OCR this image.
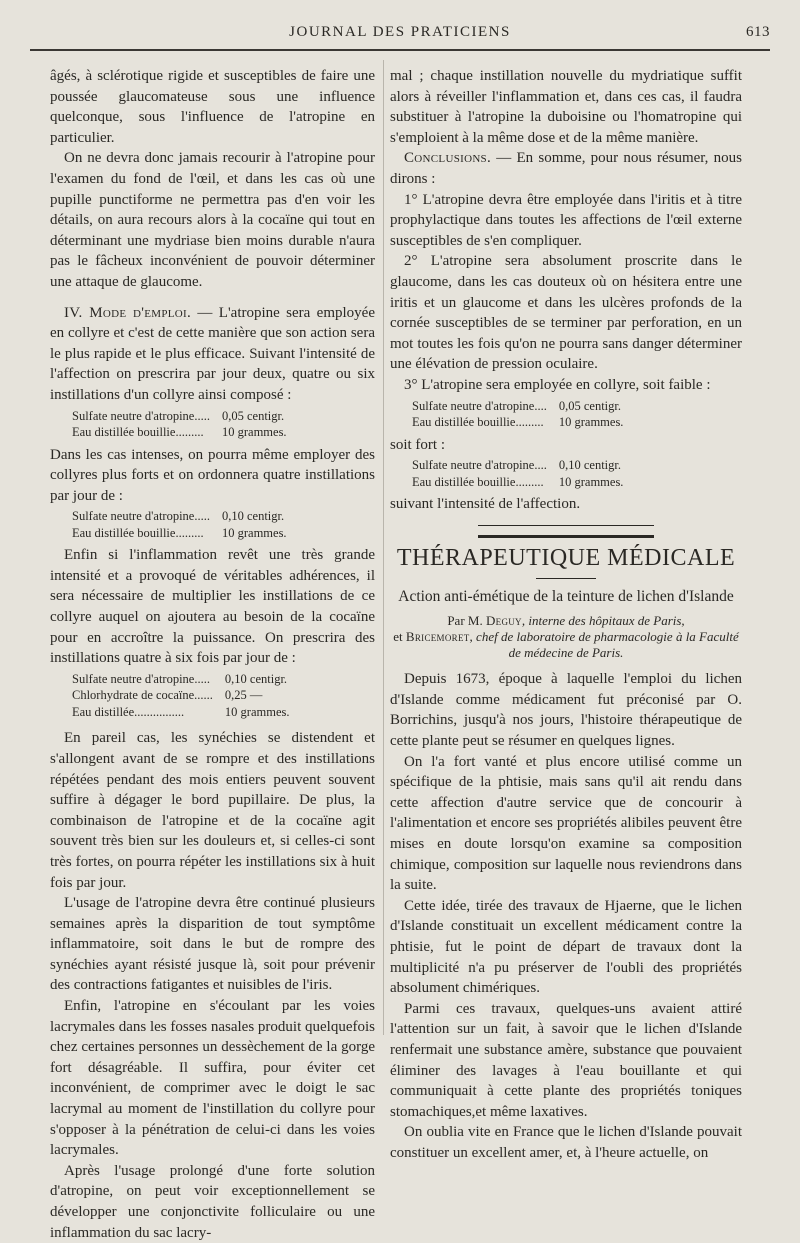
JOURNAL DES PRATICIENS	613

âgés, à sclérotique rigide et susceptibles de faire une poussée glaucomateuse sous une influence quelconque, sous l'influence de l'atropine en particulier.

On ne devra donc jamais recourir à l'atropine pour l'examen du fond de l'œil, et dans les cas où une pupille punctiforme ne permettra pas d'en voir les détails, on aura recours alors à la cocaïne qui tout en déterminant une mydriase bien moins durable n'aura pas le fâcheux inconvénient de pouvoir déterminer une attaque de glaucome.

IV. Mode d'emploi. — L'atropine sera employée en collyre et c'est de cette manière que son action sera le plus rapide et le plus efficace. Suivant l'intensité de l'affection on prescrira par jour deux, quatre ou six instillations d'un collyre ainsi composé :

Sulfate neutre d'atropine.....	0,05 centigr.
Eau distillée bouillie.........	10 grammes.

Dans les cas intenses, on pourra même employer des collyres plus forts et on ordonnera quatre instillations par jour de :

Sulfate neutre d'atropine.....	0,10 centigr.
Eau distillée bouillie.........	10 grammes.

Enfin si l'inflammation revêt une très grande intensité et a provoqué de véritables adhérences, il sera nécessaire de multiplier les instillations de ce collyre auquel on ajoutera au besoin de la cocaïne pour en accroître la puissance. On prescrira des instillations quatre à six fois par jour de :

Sulfate neutre d'atropine.....	0,10 centigr.
Chlorhydrate de cocaïne......	0,25 —
Eau distillée................	10 grammes.

En pareil cas, les synéchies se distendent et s'allongent avant de se rompre et des instillations répétées pendant des mois entiers peuvent souvent suffire à dégager le bord pupillaire. De plus, la combinaison de l'atropine et de la cocaïne agit souvent très bien sur les douleurs et, si celles-ci sont très fortes, on pourra répéter les instillations six à huit fois par jour.

L'usage de l'atropine devra être continué plusieurs semaines après la disparition de tout symptôme inflammatoire, soit dans le but de rompre des synéchies ayant résisté jusque là, soit pour prévenir des contractions fatigantes et nuisibles de l'iris.

Enfin, l'atropine en s'écoulant par les voies lacrymales dans les fosses nasales produit quelquefois chez certaines personnes un dessèchement de la gorge fort désagréable. Il suffira, pour éviter cet inconvénient, de comprimer avec le doigt le sac lacrymal au moment de l'instillation du collyre pour s'opposer à la pénétration de celui-ci dans les voies lacrymales.

Après l'usage prolongé d'une forte solution d'atropine, on peut voir exceptionnellement se développer une conjonctivite folliculaire ou une inflammation du sac lacry-

mal ; chaque instillation nouvelle du mydriatique suffit alors à réveiller l'inflammation et, dans ces cas, il faudra substituer à l'atropine la duboisine ou l'homatropine qui s'emploient à la même dose et de la même manière.

Conclusions. — En somme, pour nous résumer, nous dirons :

1° L'atropine devra être employée dans l'iritis et à titre prophylactique dans toutes les affections de l'œil externe susceptibles de s'en compliquer.

2° L'atropine sera absolument proscrite dans le glaucome, dans les cas douteux où on hésitera entre une iritis et un glaucome et dans les ulcères profonds de la cornée susceptibles de se terminer par perforation, en un mot toutes les fois qu'on ne pourra sans danger déterminer une élévation de pression oculaire.

3° L'atropine sera employée en collyre, soit faible :

Sulfate neutre d'atropine....	0,05 centigr.
Eau distillée bouillie.........	10 grammes.

soit fort :

Sulfate neutre d'atropine....	0,10 centigr.
Eau distillée bouillie.........	10 grammes.

suivant l'intensité de l'affection.

THÉRAPEUTIQUE MÉDICALE
Action anti-émétique de la teinture de lichen d'Islande
Par M. Deguy, interne des hôpitaux de Paris,
et Bricemoret, chef de laboratoire de pharmacologie à la Faculté de médecine de Paris.

Depuis 1673, époque à laquelle l'emploi du lichen d'Islande comme médicament fut préconisé par O. Borrichins, jusqu'à nos jours, l'histoire thérapeutique de cette plante peut se résumer en quelques lignes.

On l'a fort vanté et plus encore utilisé comme un spécifique de la phtisie, mais sans qu'il ait rendu dans cette affection d'autre service que de concourir à l'alimentation et encore ses propriétés alibiles peuvent être mises en doute lorsqu'on examine sa composition chimique, composition sur laquelle nous reviendrons dans la suite.

Cette idée, tirée des travaux de Hjaerne, que le lichen d'Islande constituait un excellent médicament contre la phtisie, fut le point de départ de travaux dont la multiplicité n'a pu préserver de l'oubli des propriétés absolument chimériques.

Parmi ces travaux, quelques-uns avaient attiré l'attention sur un fait, à savoir que le lichen d'Islande renfermait une substance amère, substance que pouvaient éliminer des lavages à l'eau bouillante et qui communiquait à cette plante des propriétés toniques stomachiques,et même laxatives.

On oublia vite en France que le lichen d'Islande pouvait constituer un excellent amer, et, à l'heure actuelle, on
